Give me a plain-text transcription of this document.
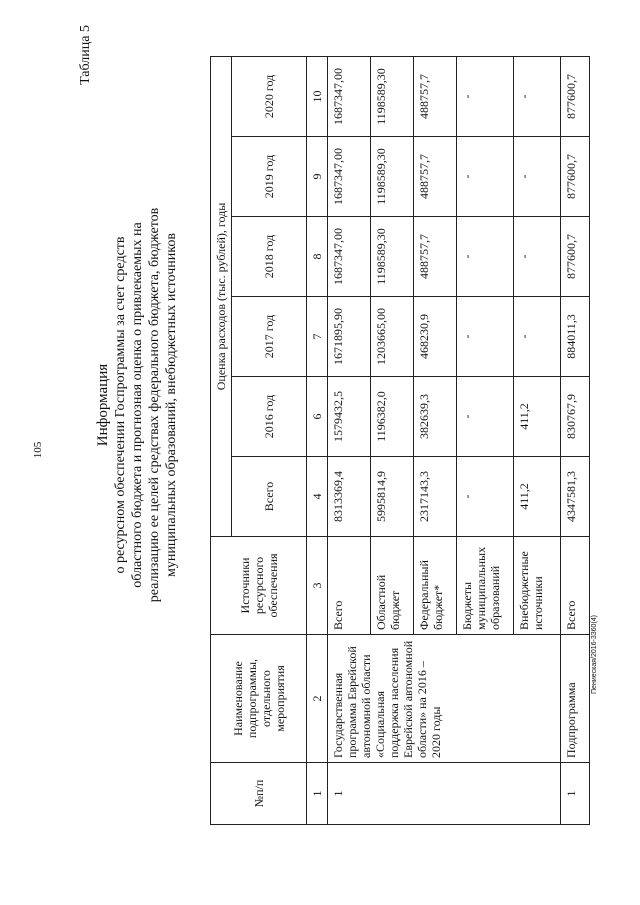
105
Таблица 5
Информация о ресурсном обеспечении Госпрограммы за счет средств областного бюджета и прогнозная оценка о привлекаемых на реализацию ее целей средствах федерального бюджета, бюджетов муниципальных образований, внебюджетных источников
№п/п	Наименование подпрограммы, отдельного мероприятия	Источники ресурсного обеспечения	Оценка расходов (тыс. рублей), годы					
			Всего	2016 год	2017 год	2018 год	2019 год	2020 год
1	2	3	4	6	7	8	9	10
1	Государственная программа Еврейской автономной области «Социальная поддержка населения Еврейской автономной области» на 2016 – 2020 годы	Всего	8313369,4	1579432,5	1671895,90	1687347,00	1687347,00	1687347,00
		Областной бюджет	5995814,9	1196382,0	1203665,00	1198589,30	1198589,30	1198589,30
		Федеральный бюджет*	2317143,3	382639,3	468230,9	488757,7	488757,7	488757,7
		Бюджеты муниципальных образований	-	-	-	-	-	-
		Внебюджетные источники	411,2	411,2	-	-	-	-
1	Подпрограмма	Всего	4347581,3	830767,9	884011,3	877600,7	877600,7	877600,7
Пениеская/2016-3360(4)
